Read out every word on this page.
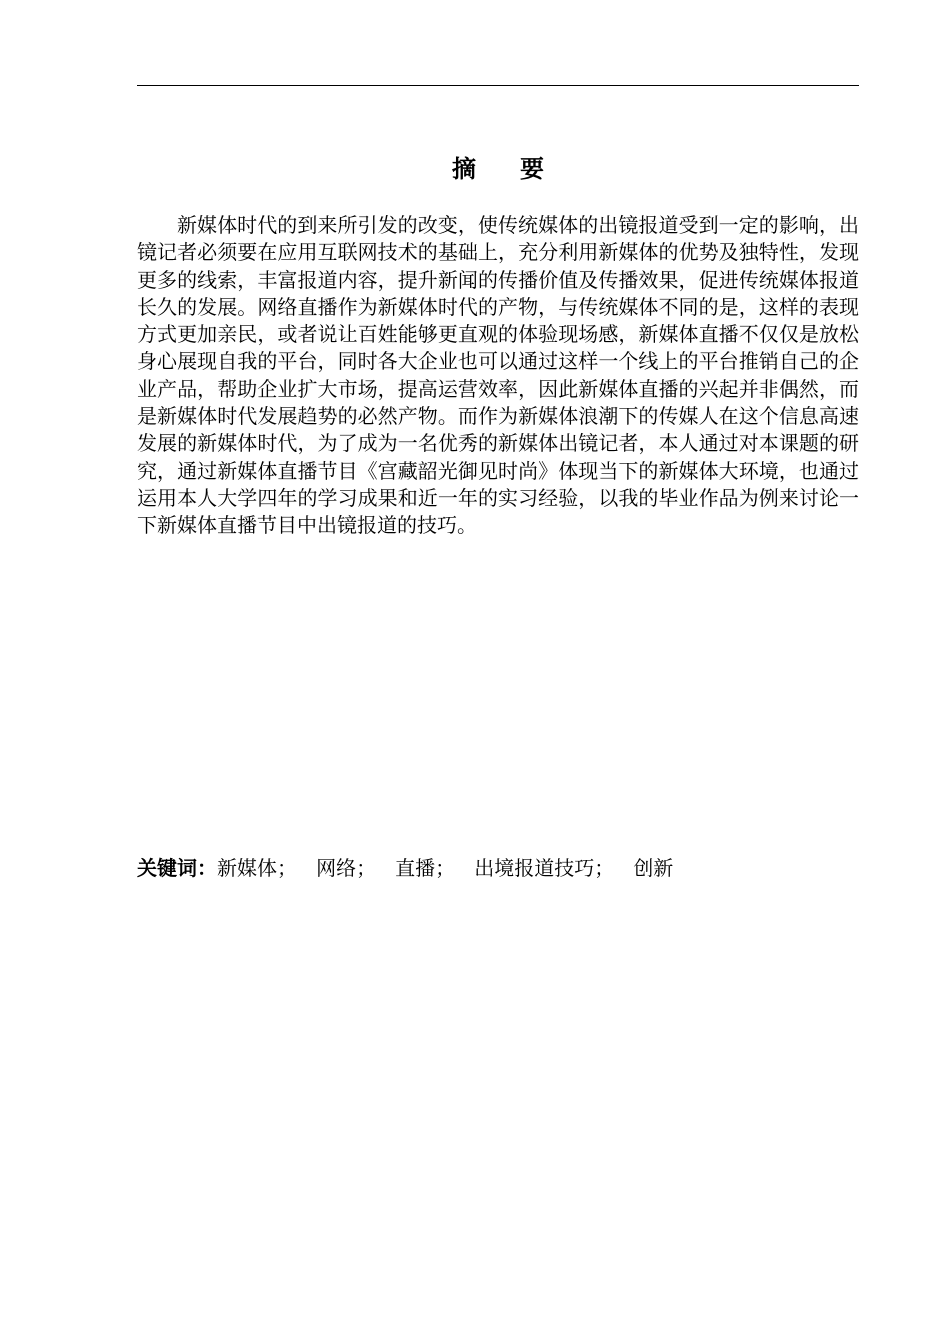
摘要

新媒体时代的到来所引发的改变，使传统媒体的出镜报道受到一定的影响，出镜记者必须要在应用互联网技术的基础上，充分利用新媒体的优势及独特性，发现更多的线索，丰富报道内容，提升新闻的传播价值及传播效果，促进传统媒体报道长久的发展。网络直播作为新媒体时代的产物，与传统媒体不同的是，这样的表现方式更加亲民，或者说让百姓能够更直观的体验现场感，新媒体直播不仅仅是放松身心展现自我的平台，同时各大企业也可以通过这样一个线上的平台推销自己的企业产品，帮助企业扩大市场，提高运营效率，因此新媒体直播的兴起并非偶然，而是新媒体时代发展趋势的必然产物。而作为新媒体浪潮下的传媒人在这个信息高速发展的新媒体时代，为了成为一名优秀的新媒体出镜记者，本人通过对本课题的研究，通过新媒体直播节目《宫藏韶光御见时尚》体现当下的新媒体大环境，也通过运用本人大学四年的学习成果和近一年的实习经验，以我的毕业作品为例来讨论一下新媒体直播节目中出镜报道的技巧。

关键词：新媒体； 网络； 直播； 出境报道技巧； 创新
